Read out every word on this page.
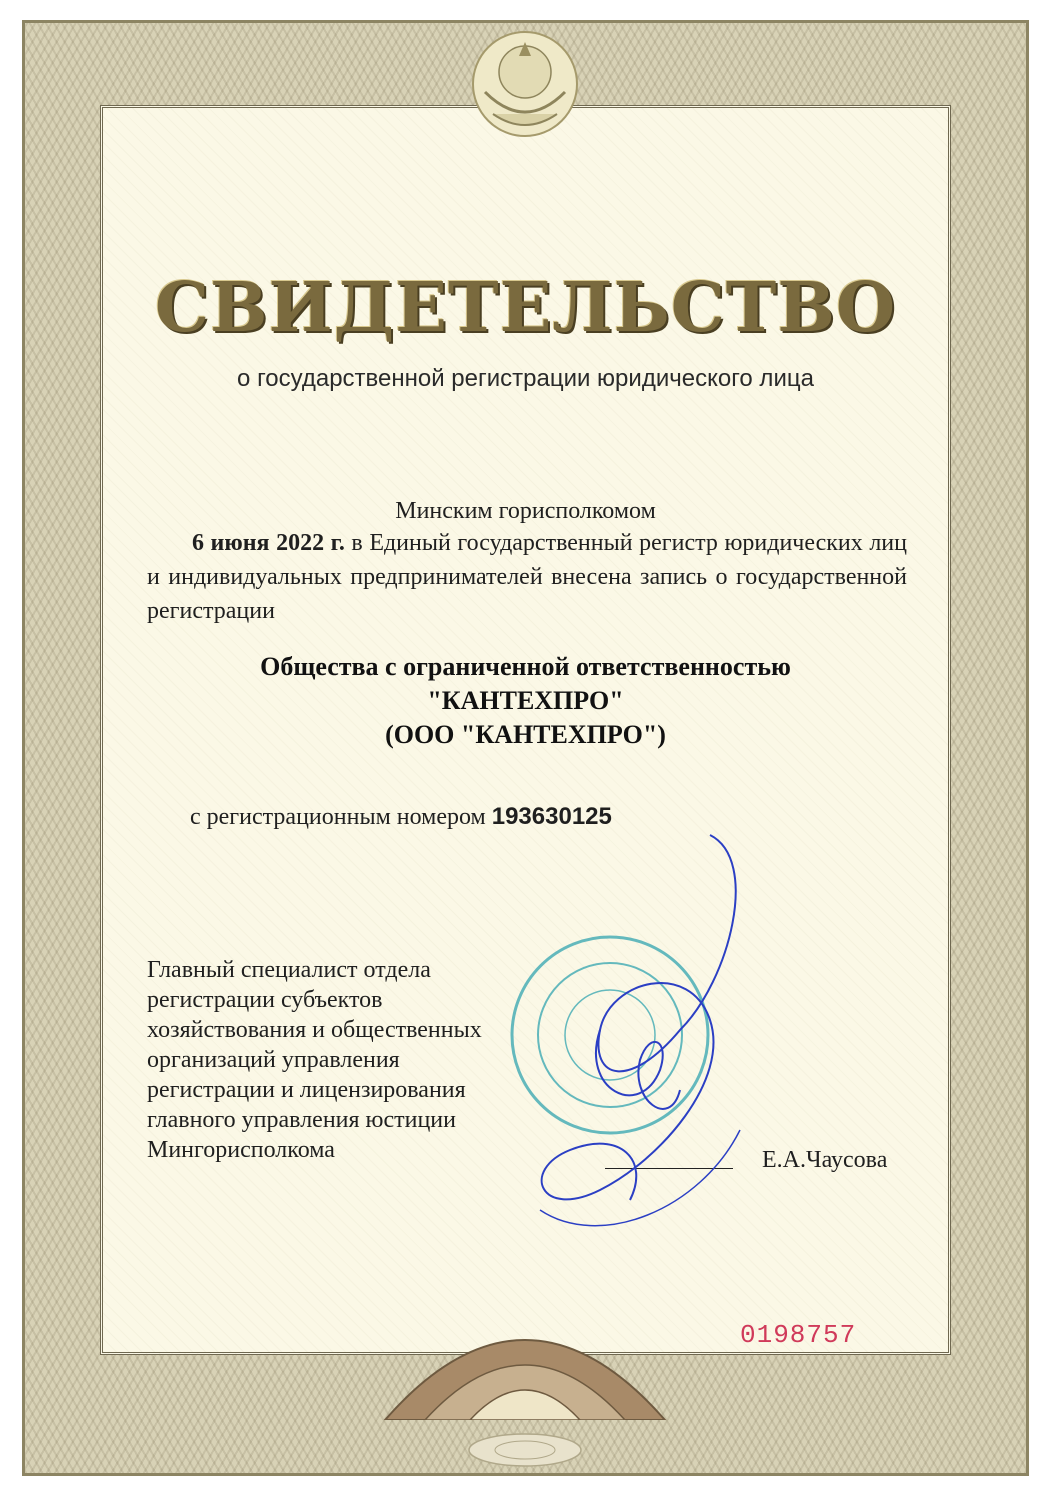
СВИДЕТЕЛЬСТВО
о государственной регистрации юридического лица
Минским горисполкомом
6 июня 2022 г. в Единый государственный регистр юридических лиц и индивидуальных предпринимателей внесена запись о государственной регистрации
Общества с ограниченной ответственностью
"КАНТЕХПРО"
(ООО "КАНТЕХПРО")
с регистрационным номером 193630125
Главный специалист отдела
регистрации субъектов
хозяйствования и общественных
организаций управления
регистрации и лицензирования
главного управления юстиции
Мингорисполкома	Е.А.Чаусова
0198757
